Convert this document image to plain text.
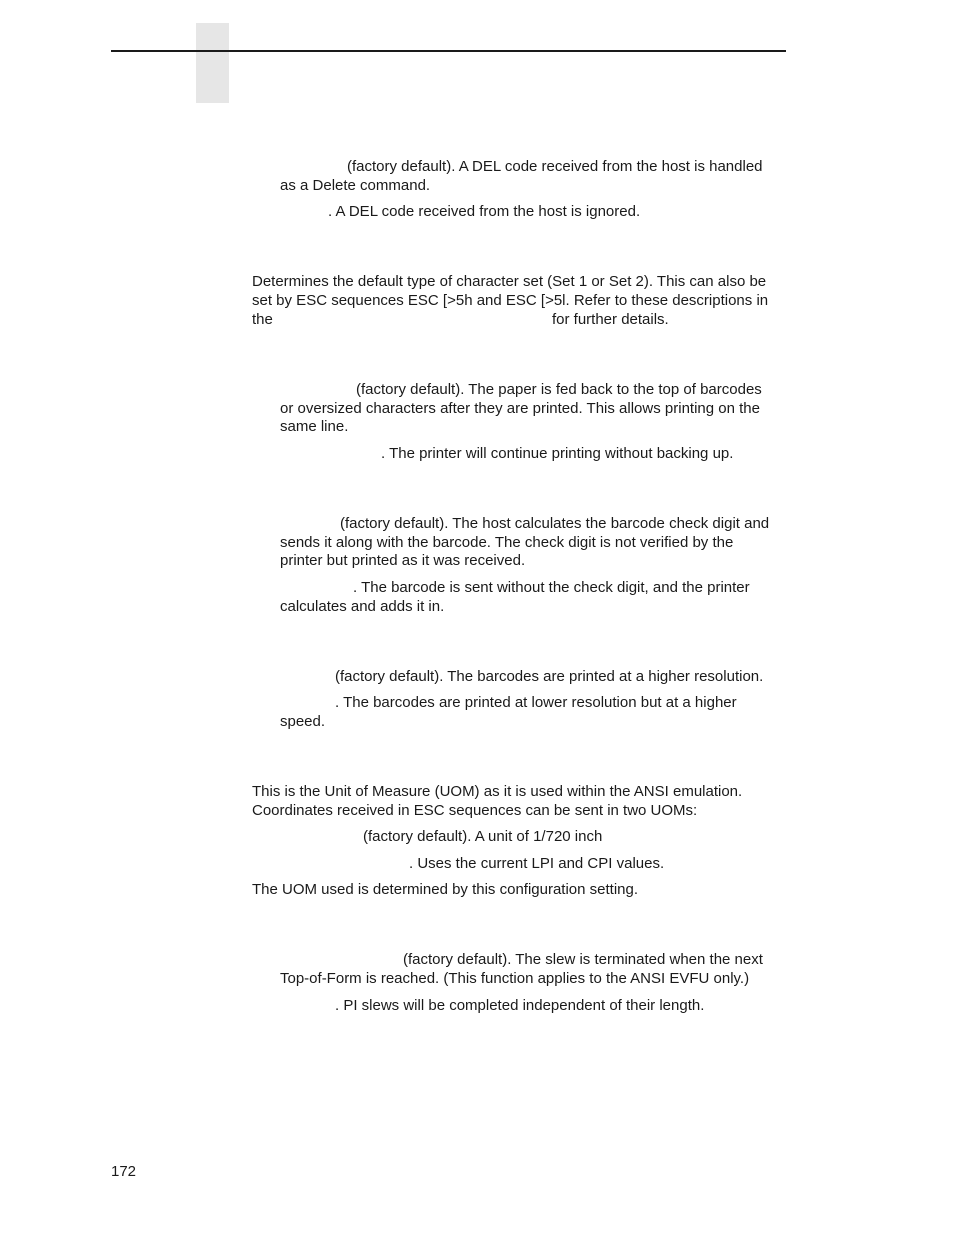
(factory default). A DEL code received from the host is handled

as a Delete command.

. A DEL code received from the host is ignored.

Determines the default type of character set (Set 1 or Set 2). This can also be

set by ESC sequences ESC [>5h and ESC [>5l. Refer to these descriptions in

the	for further details.

(factory default). The paper is fed back to the top of barcodes

or oversized characters after they are printed. This allows printing on the

same line.

. The printer will continue printing without backing up.

(factory default). The host calculates the barcode check digit and

sends it along with the barcode. The check digit is not verified by the

printer but printed as it was received.

. The barcode is sent without the check digit, and the printer

calculates and adds it in.

(factory default). The barcodes are printed at a higher resolution.

. The barcodes are printed at lower resolution but at a higher

speed.

This is the Unit of Measure (UOM) as it is used within the ANSI emulation.

Coordinates received in ESC sequences can be sent in two UOMs:

(factory default). A unit of 1/720 inch

. Uses the current LPI and CPI values.

The UOM used is determined by this configuration setting.

(factory default). The slew is terminated when the next

Top-of-Form is reached. (This function applies to the ANSI EVFU only.)

. PI slews will be completed independent of their length.

172
